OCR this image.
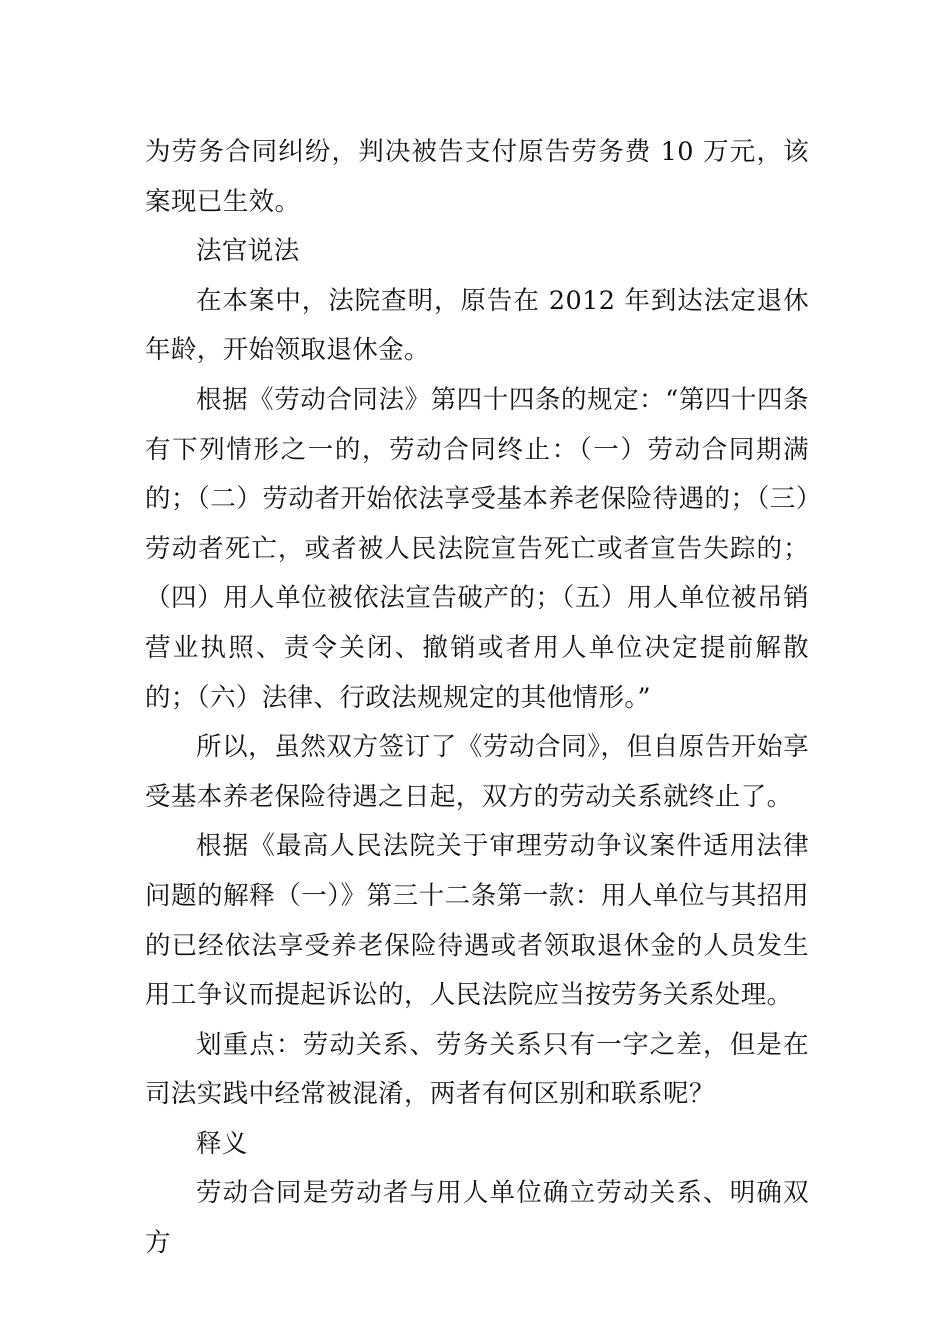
为劳务合同纠纷，判决被告支付原告劳务费 10 万元，该案现已生效。

法官说法

在本案中，法院查明，原告在 2012 年到达法定退休年龄，开始领取退休金。

根据《劳动合同法》第四十四条的规定：“第四十四条有下列情形之一的，劳动合同终止：（一）劳动合同期满的；（二）劳动者开始依法享受基本养老保险待遇的；（三）劳动者死亡，或者被人民法院宣告死亡或者宣告失踪的；（四）用人单位被依法宣告破产的；（五）用人单位被吊销营业执照、责令关闭、撤销或者用人单位决定提前解散的；（六）法律、行政法规规定的其他情形。”

所以，虽然双方签订了《劳动合同》，但自原告开始享受基本养老保险待遇之日起，双方的劳动关系就终止了。

根据《最高人民法院关于审理劳动争议案件适用法律问题的解释（一）》第三十二条第一款：用人单位与其招用的已经依法享受养老保险待遇或者领取退休金的人员发生用工争议而提起诉讼的，人民法院应当按劳务关系处理。

划重点：劳动关系、劳务关系只有一字之差，但是在司法实践中经常被混淆，两者有何区别和联系呢？

释义

劳动合同是劳动者与用人单位确立劳动关系、明确双方
